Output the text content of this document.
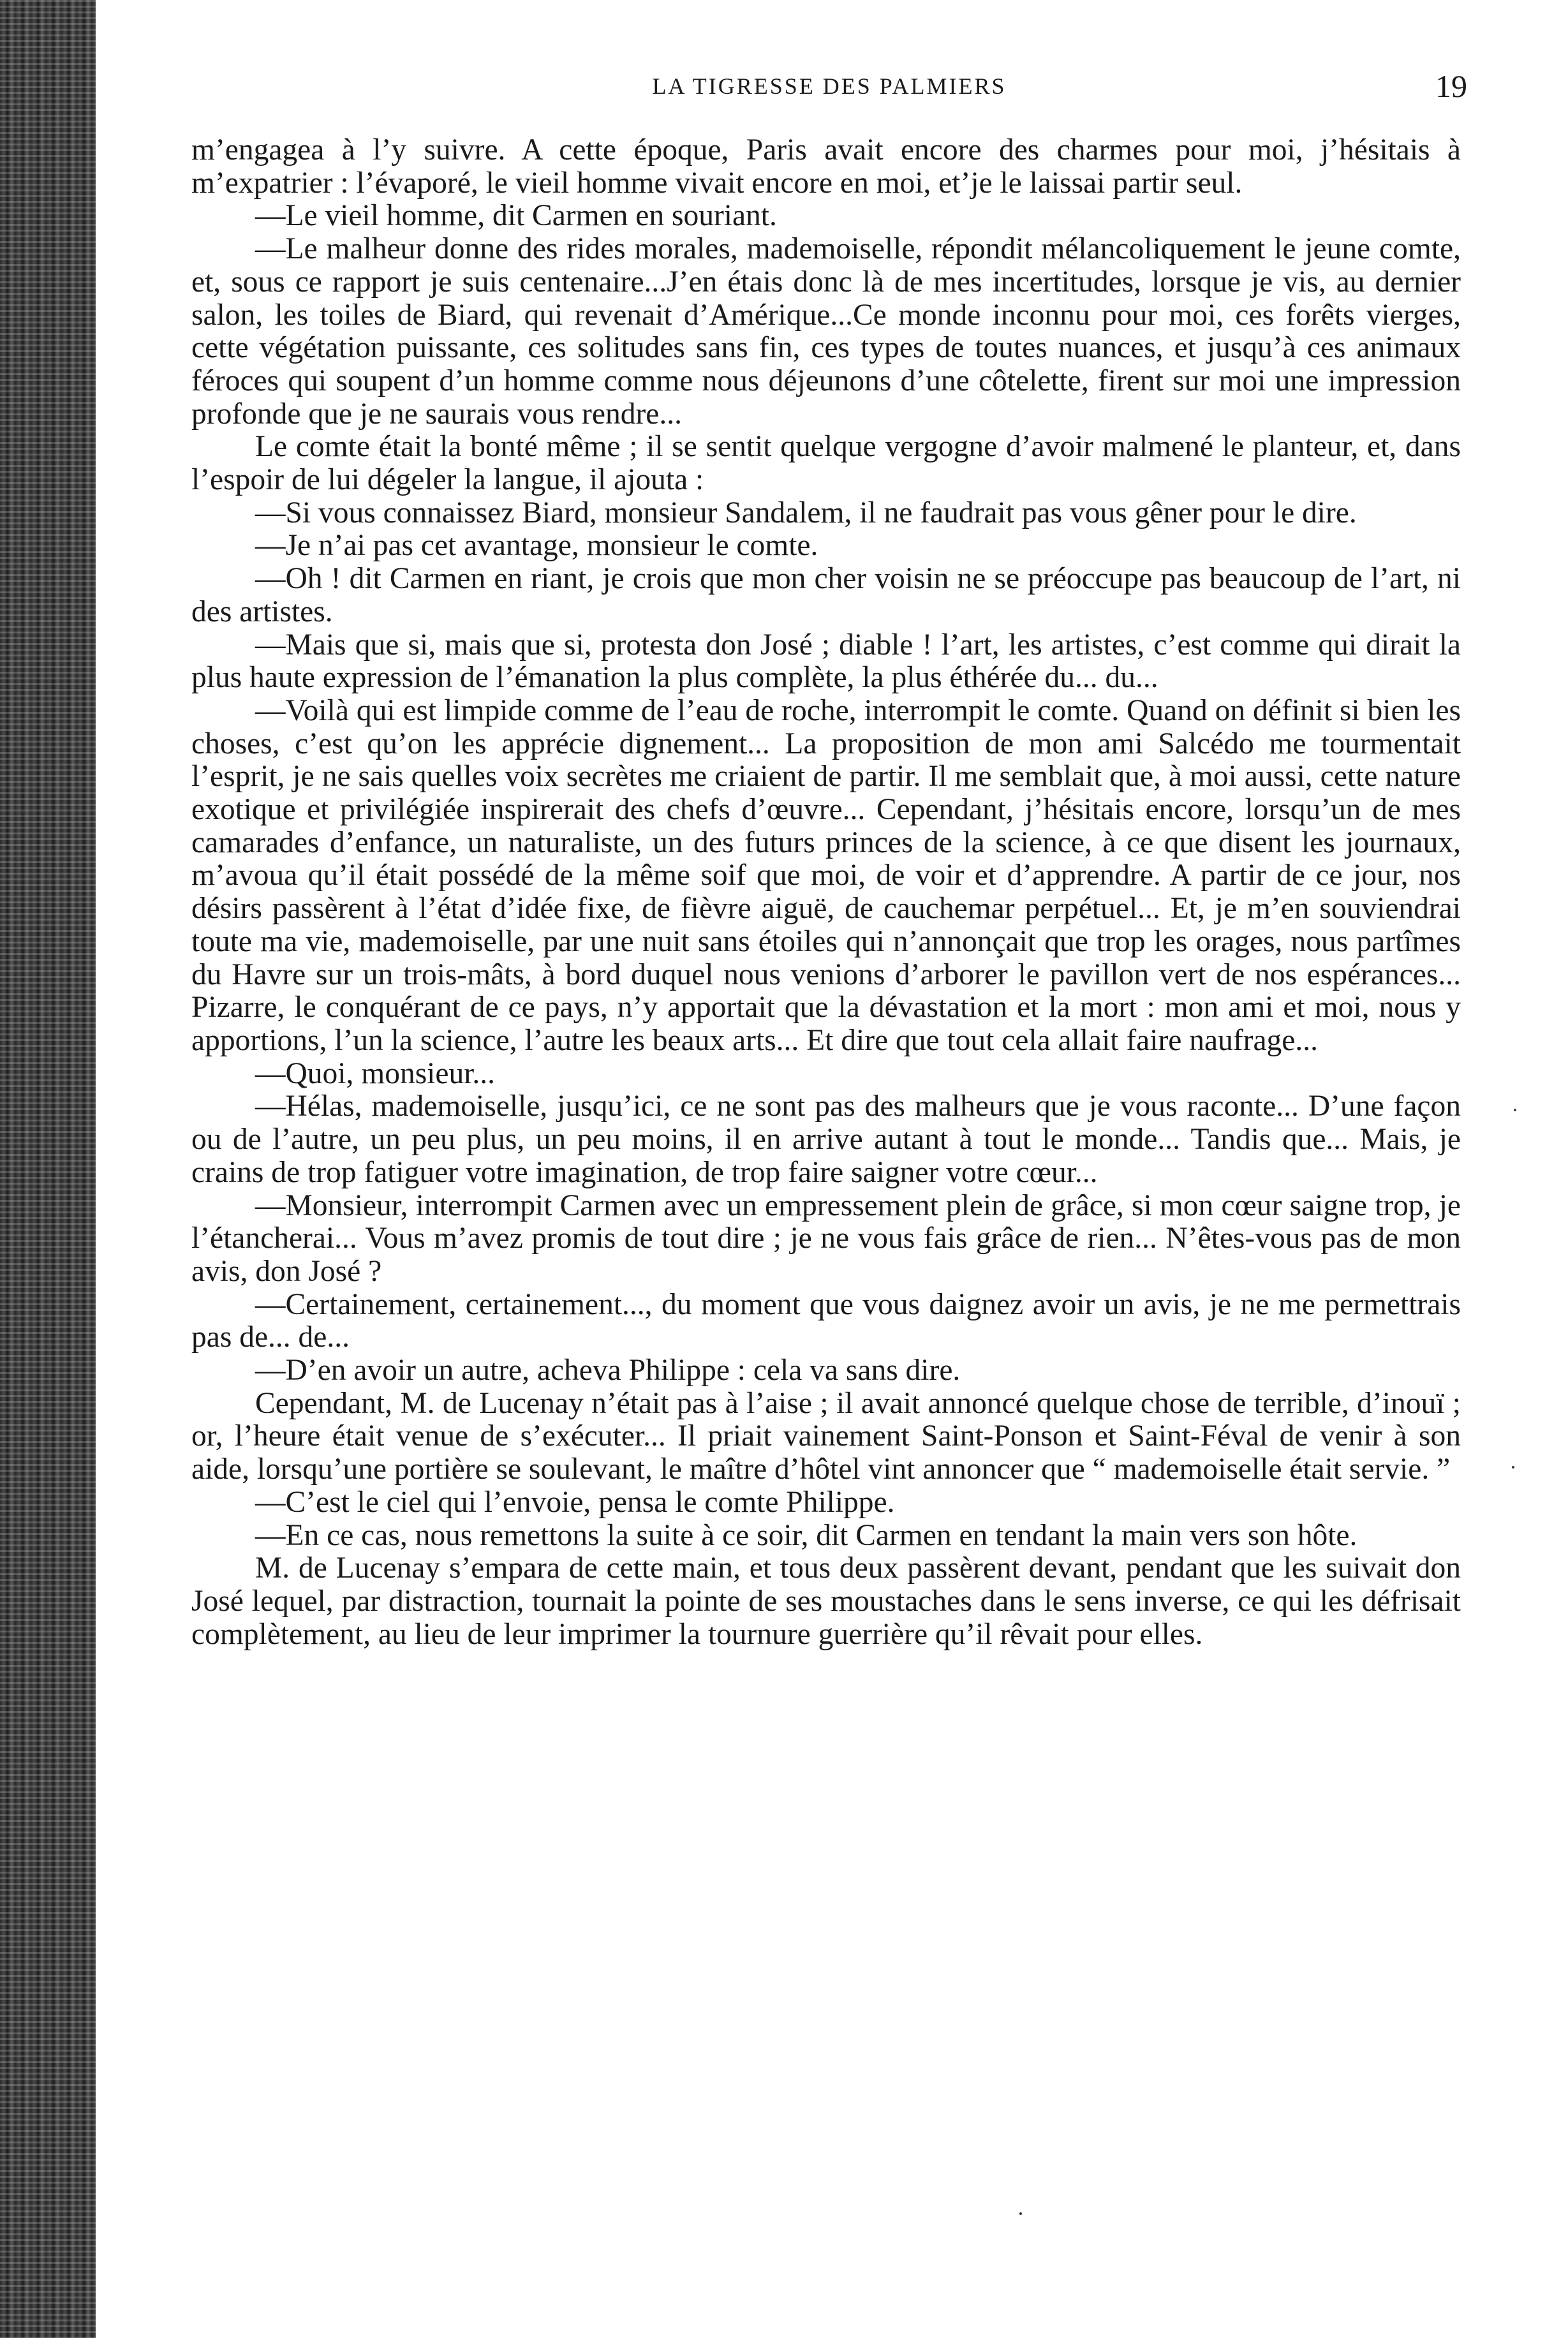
LA TIGRESSE DES PALMIERS	19

m’engagea à l’y suivre. A cette époque, Paris avait encore des charmes pour moi, j’hésitais à m’expatrier : l’évaporé, le vieil homme vivait encore en moi, et’je le laissai partir seul.

—Le vieil homme, dit Carmen en souriant.

—Le malheur donne des rides morales, mademoiselle, répondit mélancoliquement le jeune comte, et, sous ce rapport je suis centenaire...J’en étais donc là de mes incertitudes, lorsque je vis, au dernier salon, les toiles de Biard, qui revenait d’Amérique...Ce monde inconnu pour moi, ces forêts vierges, cette végétation puissante, ces solitudes sans fin, ces types de toutes nuances, et jusqu’à ces animaux féroces qui soupent d’un homme comme nous déjeunons d’une côtelette, firent sur moi une impression profonde que je ne saurais vous rendre...

Le comte était la bonté même ; il se sentit quelque vergogne d’avoir malmené le planteur, et, dans l’espoir de lui dégeler la langue, il ajouta :

—Si vous connaissez Biard, monsieur Sandalem, il ne faudrait pas vous gêner pour le dire.

—Je n’ai pas cet avantage, monsieur le comte.

—Oh ! dit Carmen en riant, je crois que mon cher voisin ne se préoccupe pas beaucoup de l’art, ni des artistes.

—Mais que si, mais que si, protesta don José ; diable ! l’art, les artistes, c’est comme qui dirait la plus haute expression de l’émanation la plus complète, la plus éthérée du... du...

—Voilà qui est limpide comme de l’eau de roche, interrompit le comte. Quand on définit si bien les choses, c’est qu’on les apprécie dignement... La proposition de mon ami Salcédo me tourmentait l’esprit, je ne sais quelles voix secrètes me criaient de partir. Il me semblait que, à moi aussi, cette nature exotique et privilégiée inspirerait des chefs d’œuvre... Cependant, j’hésitais encore, lorsqu’un de mes camarades d’enfance, un naturaliste, un des futurs princes de la science, à ce que disent les journaux, m’avoua qu’il était possédé de la même soif que moi, de voir et d’apprendre. A partir de ce jour, nos désirs passèrent à l’état d’idée fixe, de fièvre aiguë, de cauchemar perpétuel... Et, je m’en souviendrai toute ma vie, mademoiselle, par une nuit sans étoiles qui n’annonçait que trop les orages, nous partîmes du Havre sur un trois-mâts, à bord duquel nous venions d’arborer le pavillon vert de nos espérances... Pizarre, le conquérant de ce pays, n’y apportait que la dévastation et la mort : mon ami et moi, nous y apportions, l’un la science, l’autre les beaux arts... Et dire que tout cela allait faire naufrage...

—Quoi, monsieur...

—Hélas, mademoiselle, jusqu’ici, ce ne sont pas des malheurs que je vous raconte... D’une façon ou de l’autre, un peu plus, un peu moins, il en arrive autant à tout le monde... Tandis que... Mais, je crains de trop fatiguer votre imagination, de trop faire saigner votre cœur...

—Monsieur, interrompit Carmen avec un empressement plein de grâce, si mon cœur saigne trop, je l’étancherai... Vous m’avez promis de tout dire ; je ne vous fais grâce de rien... N’êtes-vous pas de mon avis, don José ?

—Certainement, certainement..., du moment que vous daignez avoir un avis, je ne me permettrais pas de... de...

—D’en avoir un autre, acheva Philippe : cela va sans dire.

Cependant, M. de Lucenay n’était pas à l’aise ; il avait annoncé quelque chose de terrible, d’inouï ; or, l’heure était venue de s’exécuter... Il priait vainement Saint-Ponson et Saint-Féval de venir à son aide, lorsqu’une portière se soulevant, le maître d’hôtel vint annoncer que “ mademoiselle était servie. ”

—C’est le ciel qui l’envoie, pensa le comte Philippe.

—En ce cas, nous remettons la suite à ce soir, dit Carmen en tendant la main vers son hôte.

M. de Lucenay s’empara de cette main, et tous deux passèrent devant, pendant que les suivait don José lequel, par distraction, tournait la pointe de ses moustaches dans le sens inverse, ce qui les défrisait complètement, au lieu de leur imprimer la tournure guerrière qu’il rêvait pour elles.
